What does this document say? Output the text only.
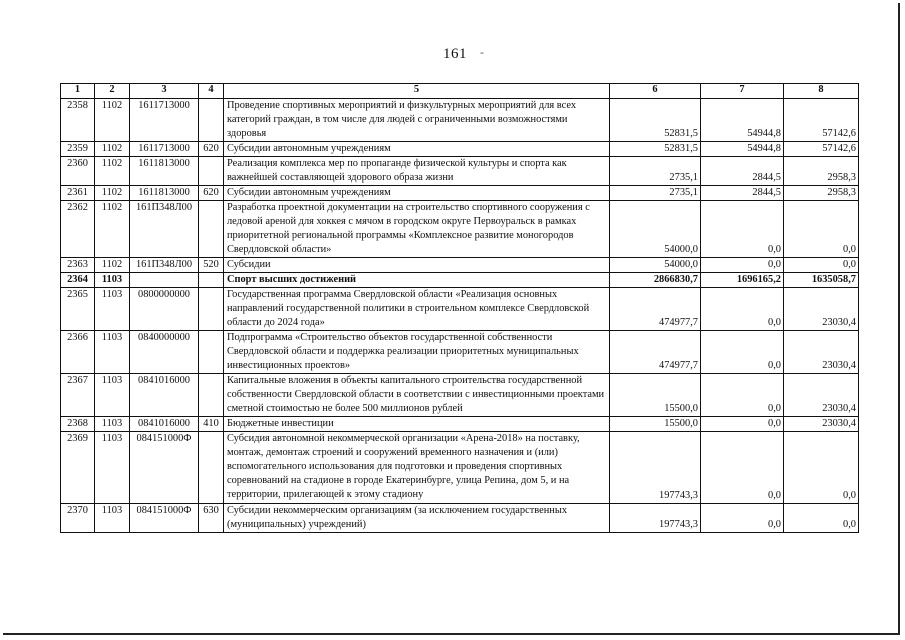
161 -
1	2	3	4	5	6	7	8
2358	1102	1611713000		Проведение спортивных мероприятий и физкультурных мероприятий для всех категорий граждан, в том числе для людей с ограниченными возможностями здоровья	52831,5	54944,8	57142,6
2359	1102	1611713000	620	Субсидии автономным учреждениям	52831,5	54944,8	57142,6
2360	1102	1611813000		Реализация комплекса мер по пропаганде физической культуры и спорта как важнейшей составляющей здорового образа жизни	2735,1	2844,5	2958,3
2361	1102	1611813000	620	Субсидии автономным учреждениям	2735,1	2844,5	2958,3
2362	1102	161П348Л00		Разработка проектной документации на строительство спортивного сооружения с ледовой ареной для хоккея с мячом в городском округе Первоуральск в рамках приоритетной региональной программы «Комплексное развитие моногородов Свердловской области»	54000,0	0,0	0,0
2363	1102	161П348Л00	520	Субсидии	54000,0	0,0	0,0
2364	1103			Спорт высших достижений	2866830,7	1696165,2	1635058,7
2365	1103	0800000000		Государственная программа Свердловской области «Реализация основных направлений государственной политики в строительном комплексе Свердловской области до 2024 года»	474977,7	0,0	23030,4
2366	1103	0840000000		Подпрограмма «Строительство объектов государственной собственности Свердловской области и поддержка реализации приоритетных муниципальных инвестиционных проектов»	474977,7	0,0	23030,4
2367	1103	0841016000		Капитальные вложения в объекты капитального строительства государственной собственности Свердловской области в соответствии с инвестиционными проектами сметной стоимостью не более 500 миллионов рублей	15500,0	0,0	23030,4
2368	1103	0841016000	410	Бюджетные инвестиции	15500,0	0,0	23030,4
2369	1103	084151000Ф		Субсидия автономной некоммерческой организации «Арена-2018» на поставку, монтаж, демонтаж строений и сооружений временного назначения и (или) вспомогательного использования для подготовки и проведения спортивных соревнований на стадионе в городе Екатеринбурге, улица Репина, дом 5, и на территории, прилегающей к этому стадиону	197743,3	0,0	0,0
2370	1103	084151000Ф	630	Субсидии некоммерческим организациям (за исключением государственных (муниципальных) учреждений)	197743,3	0,0	0,0
